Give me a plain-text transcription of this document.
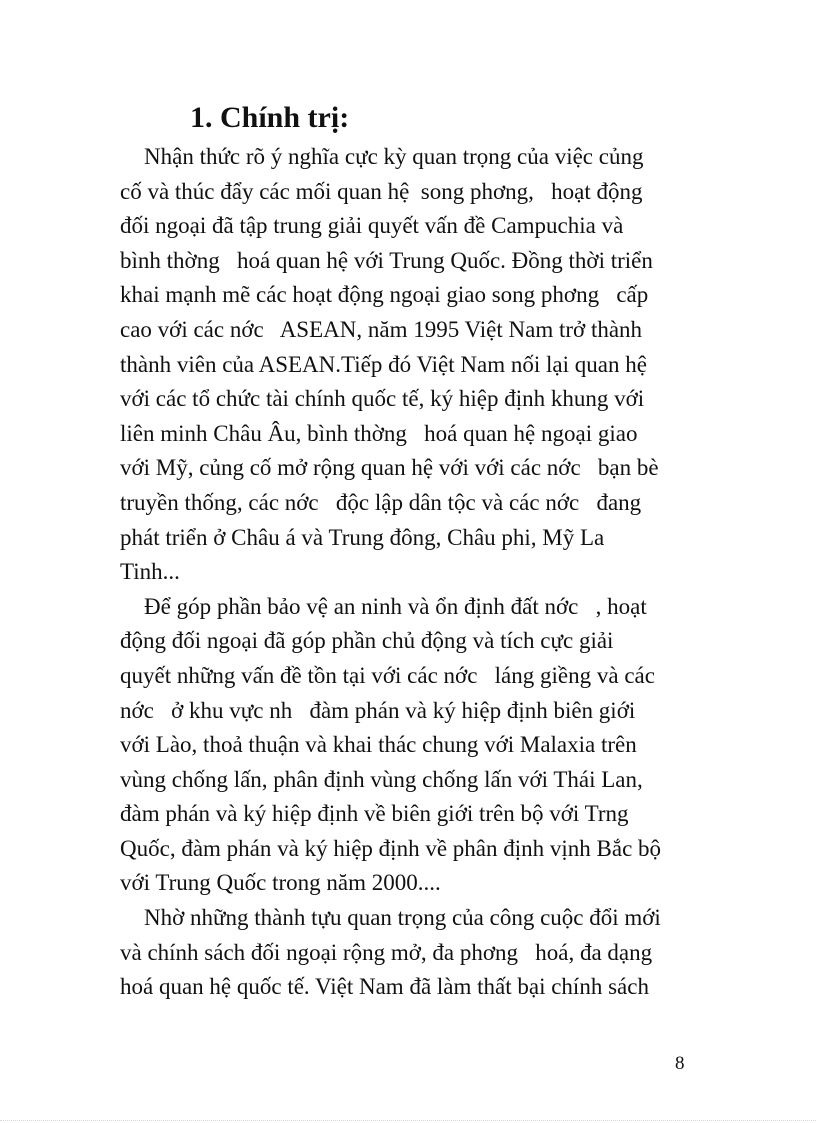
1. Chính trị:
Nhận thức rõ ý nghĩa cực kỳ quan trọng của việc củng
cố và thúc đẩy các mối quan hệ  song phơng,   hoạt động
đối ngoại đã tập trung giải quyết vấn đề Campuchia và
bình thờng   hoá quan hệ với Trung Quốc. Đồng thời triển
khai mạnh mẽ các hoạt động ngoại giao song phơng   cấp
cao với các nớc   ASEAN, năm 1995 Việt Nam trở thành
thành viên của ASEAN.Tiếp đó Việt Nam nối lại quan hệ
với các tổ chức tài chính quốc tế, ký hiệp định khung với
liên minh Châu Âu, bình thờng   hoá quan hệ ngoại giao
với Mỹ, củng cố mở rộng quan hệ với với các nớc   bạn bè
truyền thống, các nớc   độc lập dân tộc và các nớc   đang
phát triển ở Châu á và Trung đông, Châu phi, Mỹ La
Tinh...
Để góp phần bảo vệ an ninh và ổn định đất nớc   , hoạt
động đối ngoại đã góp phần chủ động và tích cực giải
quyết những vấn đề tồn tại với các nớc   láng giềng và các
nớc   ở khu vực nh   đàm phán và ký hiệp định biên giới
với Lào, thoả thuận và khai thác chung với Malaxia trên
vùng chống lấn, phân định vùng chống lấn với Thái Lan,
đàm phán và ký hiệp định về biên giới trên bộ với Trng
Quốc, đàm phán và ký hiệp định về phân định vịnh Bắc bộ
với Trung Quốc trong năm 2000....
Nhờ những thành tựu quan trọng của công cuộc đổi mới
và chính sách đối ngoại rộng mở, đa phơng   hoá, đa dạng
hoá quan hệ quốc tế. Việt Nam đã làm thất bại chính sách
8
